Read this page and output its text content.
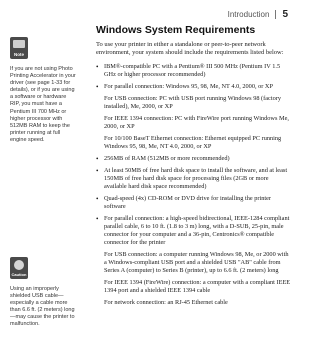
Introduction 5
Note
If you are not using Photo Printing Accelerator in your driver (see page 1-33 for details), or if you are using a software or hardware RIP, you must have a Pentium III 700 MHz or higher processor with 512MB RAM to keep the printer running at full engine speed.
Caution
Using an improperly shielded USB cable—especially a cable more than 6.6 ft. (2 meters) long—may cause the printer to malfunction.
Windows System Requirements

To use your printer in either a standalone or peer-to-peer network environment, your system should include the requirements listed below:

• IBM®-compatible PC with a Pentium® III 500 MHz (Pentium IV 1.5 GHz or higher processor recommended)
• For parallel connection: Windows 95, 98, Me, NT 4.0, 2000, or XP
For USB connection: PC with USB port running Windows 98 (factory installed), Me, 2000, or XP
For IEEE 1394 connection: PC with FireWire port running Windows Me, 2000, or XP
For 10/100 BaseT Ethernet connection: Ethernet equipped PC running Windows 95, 98, Me, NT 4.0, 2000, or XP
• 256MB of RAM (512MB or more recommended)
• At least 50MB of free hard disk space to install the software, and at least 150MB of free hard disk space for processing files (2GB or more available hard disk space recommended)
• Quad-speed (4x) CD-ROM or DVD drive for installing the printer software
• For parallel connection: a high-speed bidirectional, IEEE-1284 compliant parallel cable, 6 to 10 ft. (1.8 to 3 m) long, with a D-SUB, 25-pin, male connector for your computer and a 36-pin, Centronics® compatible connector for the printer
For USB connection: a computer running Windows 98, Me, or 2000 with a Windows-compliant USB port and a shielded USB "AB" cable from Series A (computer) to Series B (printer), up to 6.6 ft. (2 meters) long
For IEEE 1394 (FireWire) connection: a computer with a compliant IEEE 1394 port and a shielded IEEE 1394 cable
For network connection: an RJ-45 Ethernet cable
